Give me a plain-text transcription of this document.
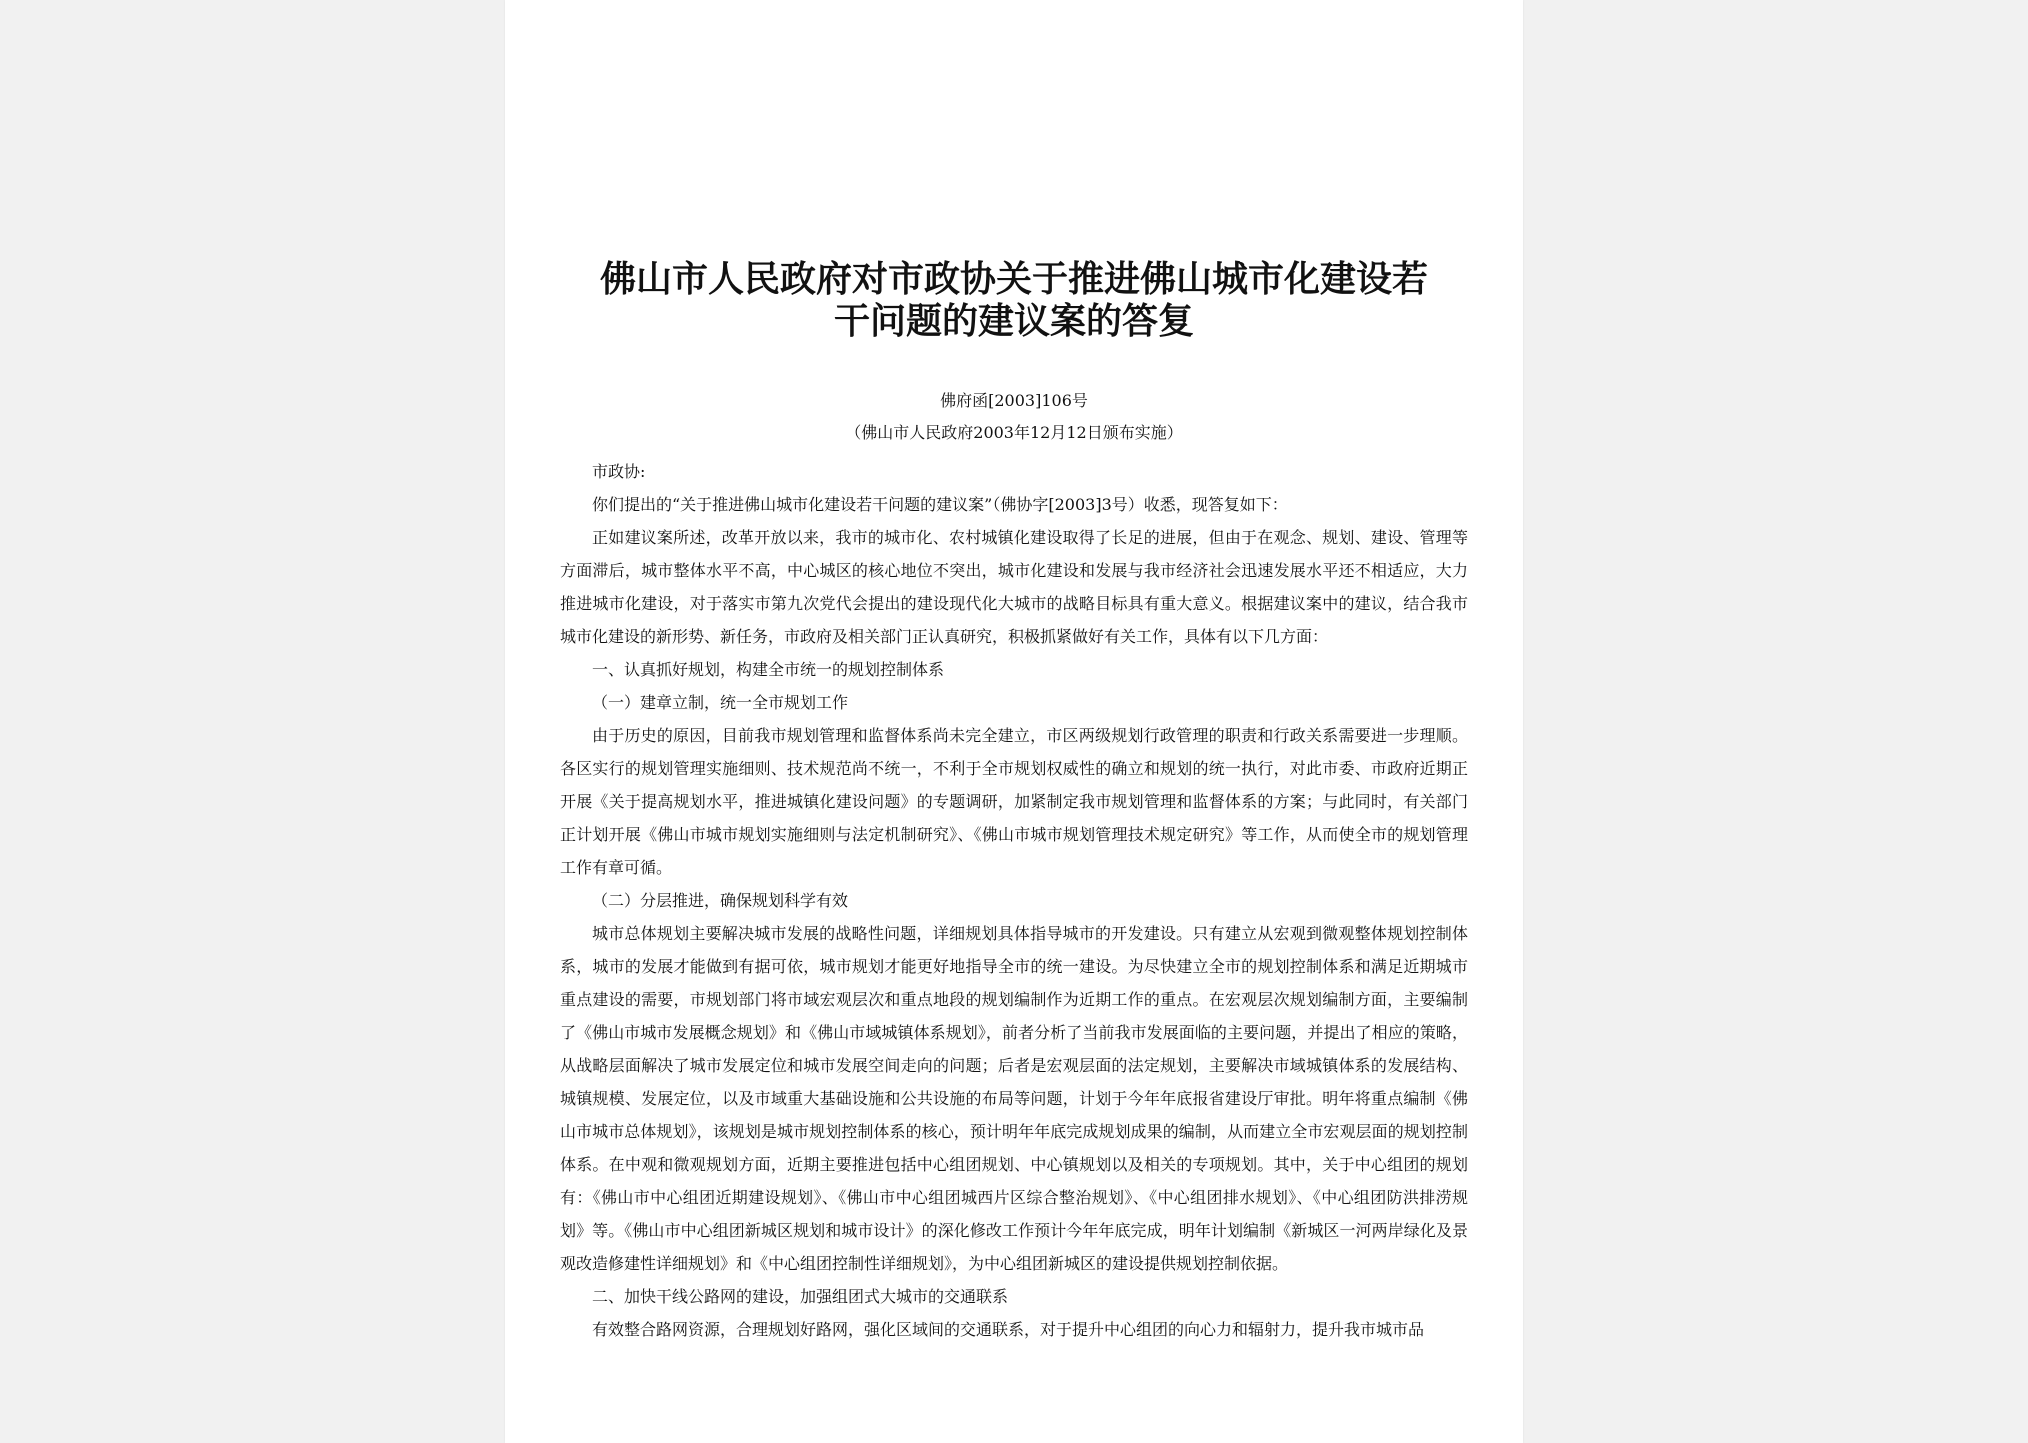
佛山市人民政府对市政协关于推进佛山城市化建设若
干问题的建议案的答复
佛府函[2003]106号
（佛山市人民政府2003年12月12日颁布实施）

市政协:

你们提出的“关于推进佛山城市化建设若干问题的建议案”（佛协字[2003]3号）收悉，现答复如下：

正如建议案所述，改革开放以来，我市的城市化、农村城镇化建设取得了长足的进展，但由于在观念、规划、建设、管理等方面滞后，城市整体水平不高，中心城区的核心地位不突出，城市化建设和发展与我市经济社会迅速发展水平还不相适应，大力推进城市化建设，对于落实市第九次党代会提出的建设现代化大城市的战略目标具有重大意义。根据建议案中的建议，结合我市城市化建设的新形势、新任务，市政府及相关部门正认真研究，积极抓紧做好有关工作，具体有以下几方面：

一、认真抓好规划，构建全市统一的规划控制体系

（一）建章立制，统一全市规划工作

由于历史的原因，目前我市规划管理和监督体系尚未完全建立，市区两级规划行政管理的职责和行政关系需要进一步理顺。各区实行的规划管理实施细则、技术规范尚不统一，不利于全市规划权威性的确立和规划的统一执行，对此市委、市政府近期正开展《关于提高规划水平，推进城镇化建设问题》的专题调研，加紧制定我市规划管理和监督体系的方案；与此同时，有关部门正计划开展《佛山市城市规划实施细则与法定机制研究》、《佛山市城市规划管理技术规定研究》等工作，从而使全市的规划管理工作有章可循。

（二）分层推进，确保规划科学有效

城市总体规划主要解决城市发展的战略性问题，详细规划具体指导城市的开发建设。只有建立从宏观到微观整体规划控制体系，城市的发展才能做到有据可依，城市规划才能更好地指导全市的统一建设。为尽快建立全市的规划控制体系和满足近期城市重点建设的需要，市规划部门将市域宏观层次和重点地段的规划编制作为近期工作的重点。在宏观层次规划编制方面，主要编制了《佛山市城市发展概念规划》和《佛山市域城镇体系规划》，前者分析了当前我市发展面临的主要问题，并提出了相应的策略，从战略层面解决了城市发展定位和城市发展空间走向的问题；后者是宏观层面的法定规划，主要解决市域城镇体系的发展结构、城镇规模、发展定位，以及市域重大基础设施和公共设施的布局等问题，计划于今年年底报省建设厅审批。明年将重点编制《佛山市城市总体规划》，该规划是城市规划控制体系的核心，预计明年年底完成规划成果的编制，从而建立全市宏观层面的规划控制体系。在中观和微观规划方面，近期主要推进包括中心组团规划、中心镇规划以及相关的专项规划。其中，关于中心组团的规划有：《佛山市中心组团近期建设规划》、《佛山市中心组团城西片区综合整治规划》、《中心组团排水规划》、《中心组团防洪排涝规划》等。《佛山市中心组团新城区规划和城市设计》的深化修改工作预计今年年底完成，明年计划编制《新城区一河两岸绿化及景观改造修建性详细规划》和《中心组团控制性详细规划》，为中心组团新城区的建设提供规划控制依据。

二、加快干线公路网的建设，加强组团式大城市的交通联系

有效整合路网资源，合理规划好路网，强化区域间的交通联系，对于提升中心组团的向心力和辐射力，提升我市城市品
